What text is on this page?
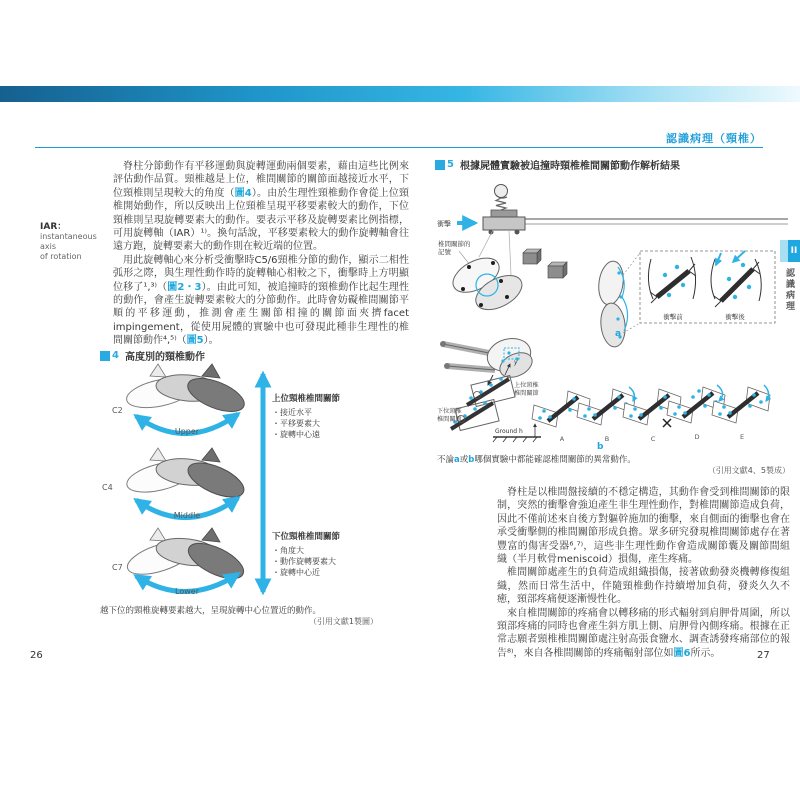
認識病理（頸椎）
II
認識病理
IAR：
instantaneous axis
of rotation

脊柱分節動作有平移運動與旋轉運動兩個要素，藉由這些比例來評估動作品質。頸椎越是上位，椎間關節的關節面越接近水平，下位頸椎則呈現較大的角度（圖4）。由於生理性頸椎動作會從上位頸椎開始動作，所以反映出上位頸椎呈現平移要素較大的動作，下位頸椎則呈現旋轉要素大的動作。要表示平移及旋轉要素比例指標，可用旋轉軸（IAR）¹⁾。換句話說，平移要素較大的動作旋轉軸會往遠方跑，旋轉要素大的動作則在較近端的位置。

用此旋轉軸心來分析受衝擊時C5/6頸椎分節的動作，顯示二相性弧形之際，與生理性動作時的旋轉軸心相較之下，衝擊時上方明顯位移了¹,³⁾（圖2・3）。由此可知，被追撞時的頸椎動作比起生理性的動作，會產生旋轉要素較大的分節動作。此時會妨礙椎間關節平順的平移運動，推測會產生關節相撞的關節面夾擠facet impingement，從使用屍體的實驗中也可發現此種非生理性的椎間關節動作⁴,⁵⁾（圖5）。

4 高度別的頸椎動作
C2
Upper
C4
Middle
C7
Lower
上位頸椎椎間關節
・接近水平
・平移要素大
・旋轉中心遠
下位頸椎椎間關節
・角度大
・動作旋轉要素大
・旋轉中心近
越下位的頸椎旋轉要素越大，呈現旋轉中心位置近的動作。
（引用文獻1製圖）
26
5 根據屍體實驗被追撞時頸椎椎間關節動作解析結果
衝擊
椎間關節的
記號
衝擊前	衝擊後
a
y
上位頸椎
椎間關節
下位頸椎
椎間關節
Ground h
A	B	C	D	E
b
不論a或b哪個實驗中都能確認椎間關節的異常動作。
（引用文獻4、5製成）

脊柱是以椎間盤接續的不穩定構造，其動作會受到椎間關節的限制，突然的衝擊會強迫產生非生理性動作，對椎間關節造成負荷，因此不僅前述來自後方對軀幹施加的衝擊，來自側面的衝擊也會在承受衝擊側的椎間關節形成負擔。眾多研究發現椎間關節處存在著豐富的傷害受器⁶,⁷⁾，這些非生理性動作會造成關節囊及關節間組織（半月軟骨meniscoid）損傷，產生疼痛。

椎間關節處產生的負荷造成組織損傷，接著啟動發炎機轉修復組織，然而日常生活中，伴隨頸椎動作持續增加負荷，發炎久久不癒，頸部疼痛便逐漸慢性化。

來自椎間關節的疼痛會以轉移痛的形式輻射到肩胛骨周圍，所以頸部疼痛的同時也會產生斜方肌上側、肩胛骨內側疼痛。根據在正常志願者頸椎椎間關節處注射高張食鹽水、調查誘發疼痛部位的報告⁸⁾，來自各椎間關節的疼痛輻射部位如圖6所示。	27
